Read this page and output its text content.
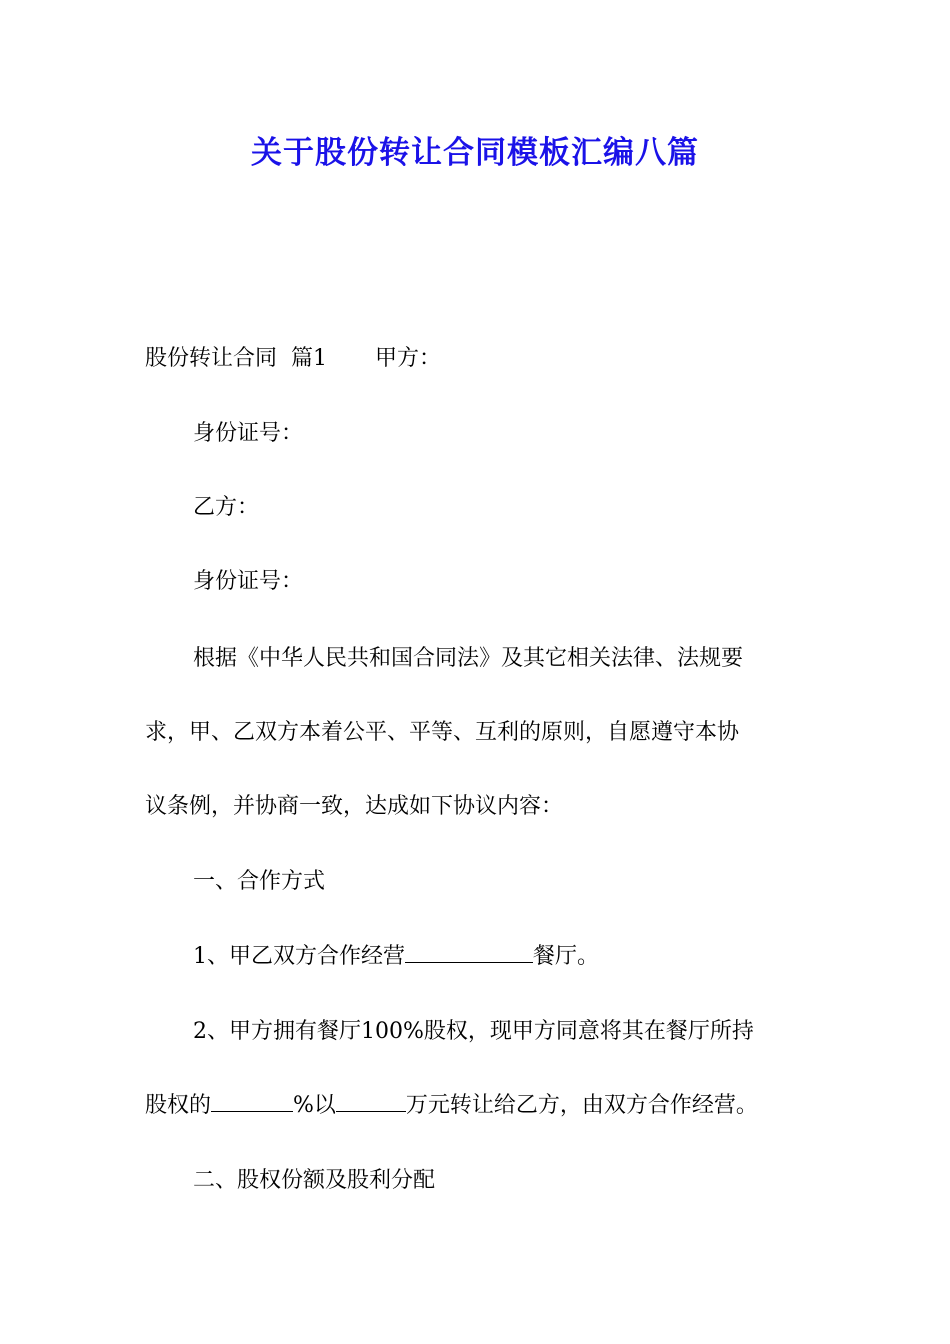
关于股份转让合同模板汇编八篇
股份转让合同  篇1 甲方：
身份证号：
乙方：
身份证号：
根据《中华人民共和国合同法》及其它相关法律、法规要
求，甲、乙双方本着公平、平等、互利的原则，自愿遵守本协
议条例，并协商一致，达成如下协议内容：
一、合作方式
1、甲乙双方合作经营	餐厅。
2、甲方拥有餐厅100%股权，现甲方同意将其在餐厅所持
股权的	%以	万元转让给乙方，由双方合作经营。
二、股权份额及股利分配
